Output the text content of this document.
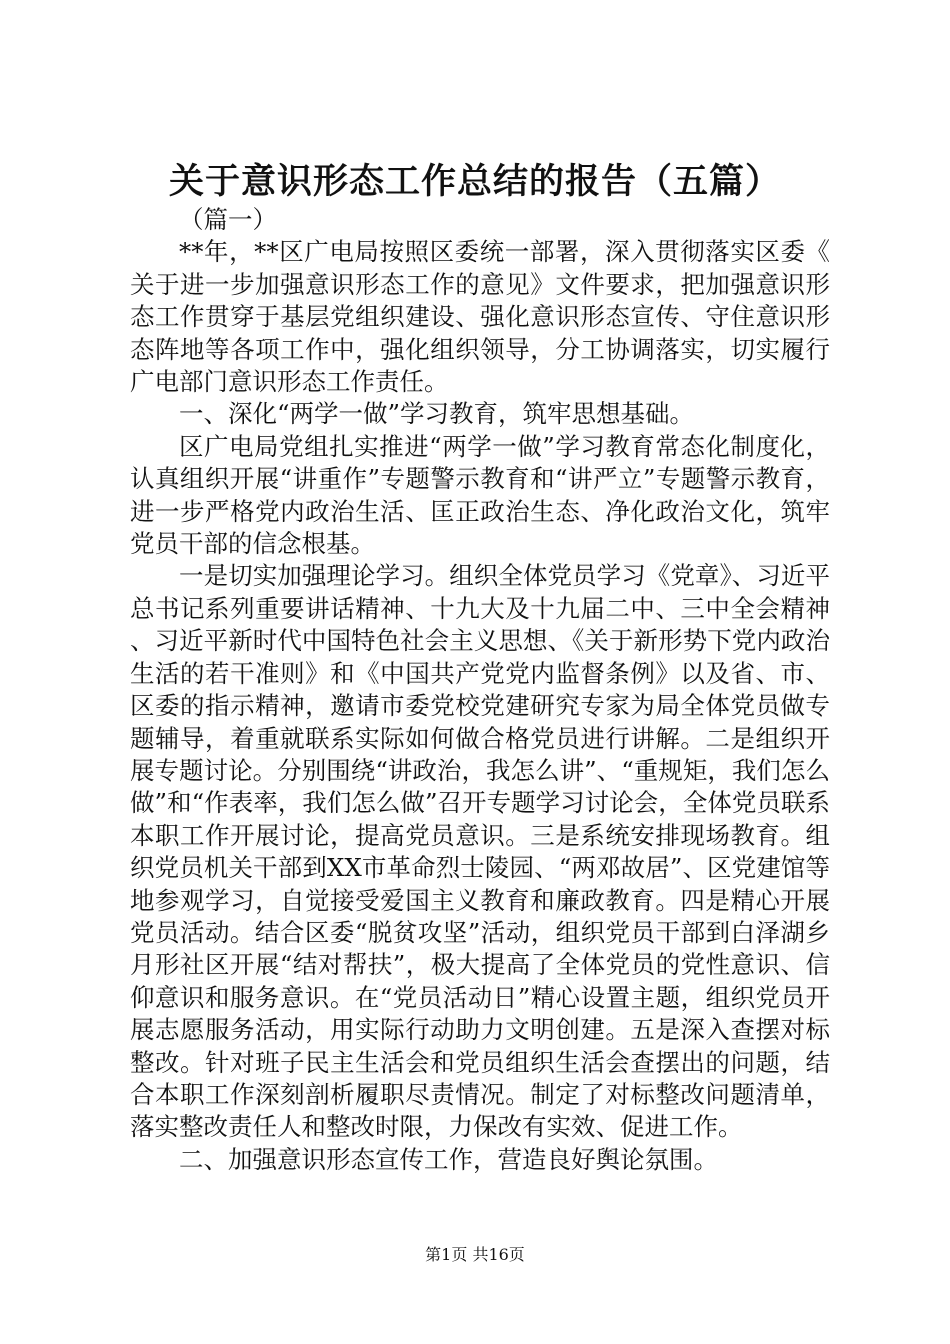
关于意识形态工作总结的报告（五篇）

（篇一）

**年，**区广电局按照区委统一部署，深入贯彻落实区委《关于进一步加强意识形态工作的意见》文件要求，把加强意识形态工作贯穿于基层党组织建设、强化意识形态宣传、守住意识形态阵地等各项工作中，强化组织领导，分工协调落实，切实履行广电部门意识形态工作责任。

一、深化“两学一做”学习教育，筑牢思想基础。

区广电局党组扎实推进“两学一做”学习教育常态化制度化，认真组织开展“讲重作”专题警示教育和“讲严立”专题警示教育，进一步严格党内政治生活、匡正政治生态、净化政治文化，筑牢党员干部的信念根基。

一是切实加强理论学习。组织全体党员学习《党章》、习近平总书记系列重要讲话精神、十九大及十九届二中、三中全会精神、习近平新时代中国特色社会主义思想、《关于新形势下党内政治生活的若干准则》和《中国共产党党内监督条例》以及省、市、区委的指示精神，邀请市委党校党建研究专家为局全体党员做专题辅导，着重就联系实际如何做合格党员进行讲解。二是组织开展专题讨论。分别围绕“讲政治，我怎么讲”、“重规矩，我们怎么做”和“作表率，我们怎么做”召开专题学习讨论会，全体党员联系本职工作开展讨论，提高党员意识。三是系统安排现场教育。组织党员机关干部到XX市革命烈士陵园、“两邓故居”、区党建馆等地参观学习，自觉接受爱国主义教育和廉政教育。四是精心开展党员活动。结合区委“脱贫攻坚”活动，组织党员干部到白泽湖乡月形社区开展“结对帮扶”，极大提高了全体党员的党性意识、信仰意识和服务意识。在“党员活动日”精心设置主题，组织党员开展志愿服务活动，用实际行动助力文明创建。五是深入查摆对标整改。针对班子民主生活会和党员组织生活会查摆出的问题，结合本职工作深刻剖析履职尽责情况。制定了对标整改问题清单，落实整改责任人和整改时限，力保改有实效、促进工作。

二、加强意识形态宣传工作，营造良好舆论氛围。

第1页 共16页
